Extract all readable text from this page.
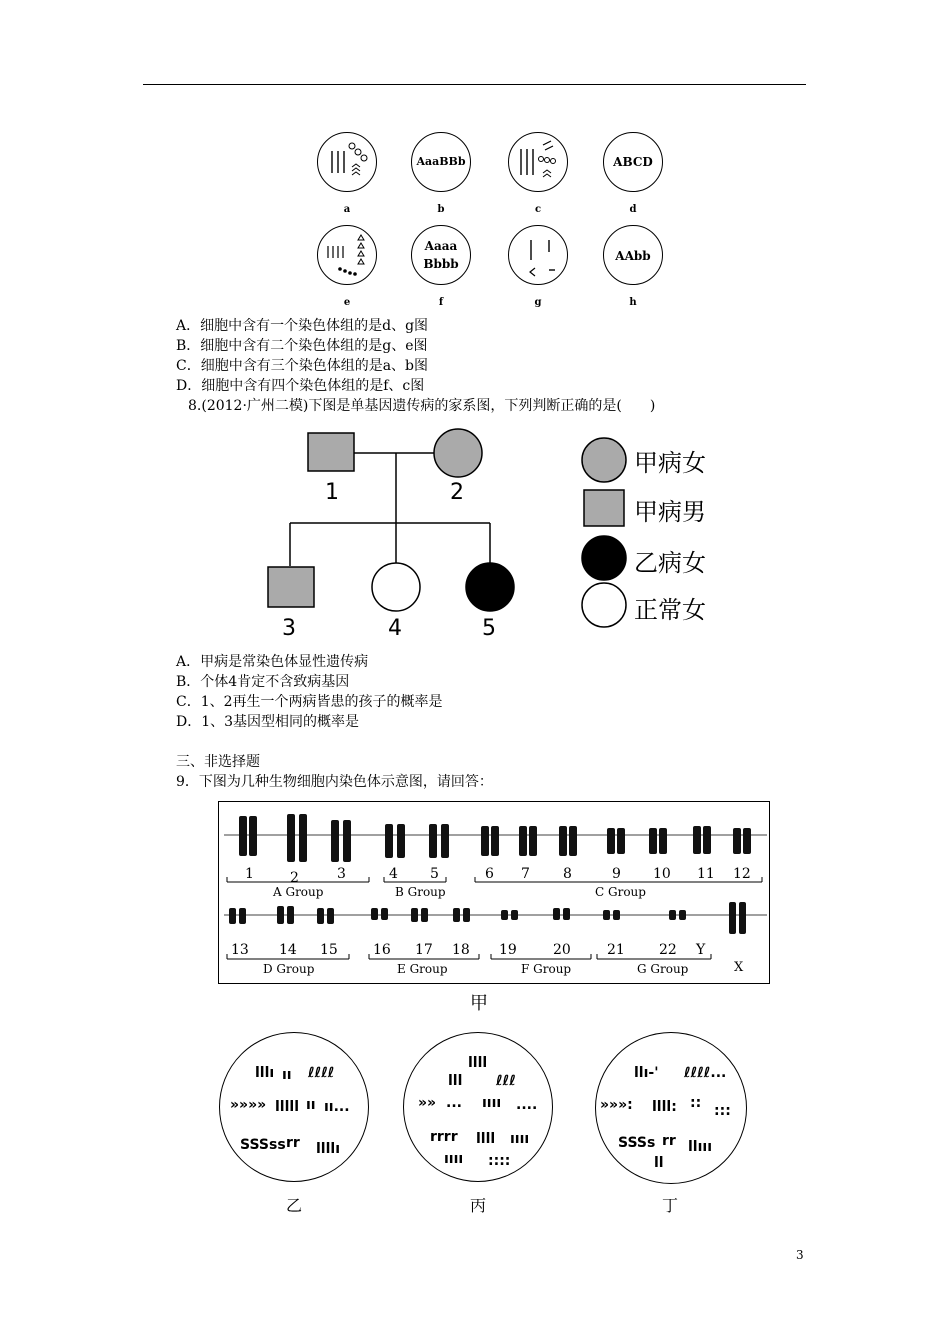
AaaBBb	ABCD
a	b	c	d
Aaaa
Bbbb
AAbb
e	f	g	h
A．细胞中含有一个染色体组的是d、g图
B．细胞中含有二个染色体组的是g、e图
C．细胞中含有三个染色体组的是a、b图
D．细胞中含有四个染色体组的是f、c图
8.(2012·广州二模)下图是单基因遗传病的家系图，下列判断正确的是(　　)
1	2
3	4	5
甲病女
甲病男
乙病女
正常女
A．甲病是常染色体显性遗传病
B．个体4肯定不含致病基因
C．1、2再生一个两病皆患的孩子的概率是
D．1、3基因型相同的概率是
三、非选择题
9．下图为几种生物细胞内染色体示意图，请回答：
1	2	3	4 5	6 7 8	9 10 11 12
A Group	B Group	C Group
13 14 15	16 17 18 19	20	21 22 Y
D Group	E Group	F Group	G Group	X
甲
lllı ıı ℓℓℓℓ
»»»» lllll ıı ıı...
SSSss rr llllı
llll
lll ℓℓℓ
»» ... ıııı ....
rrrr llll ıııı
ıııı ::::
llı-' ℓℓℓℓ...
»»»: llll: :: :::
SSSs rr llııı
ll
乙	丙	丁
3
